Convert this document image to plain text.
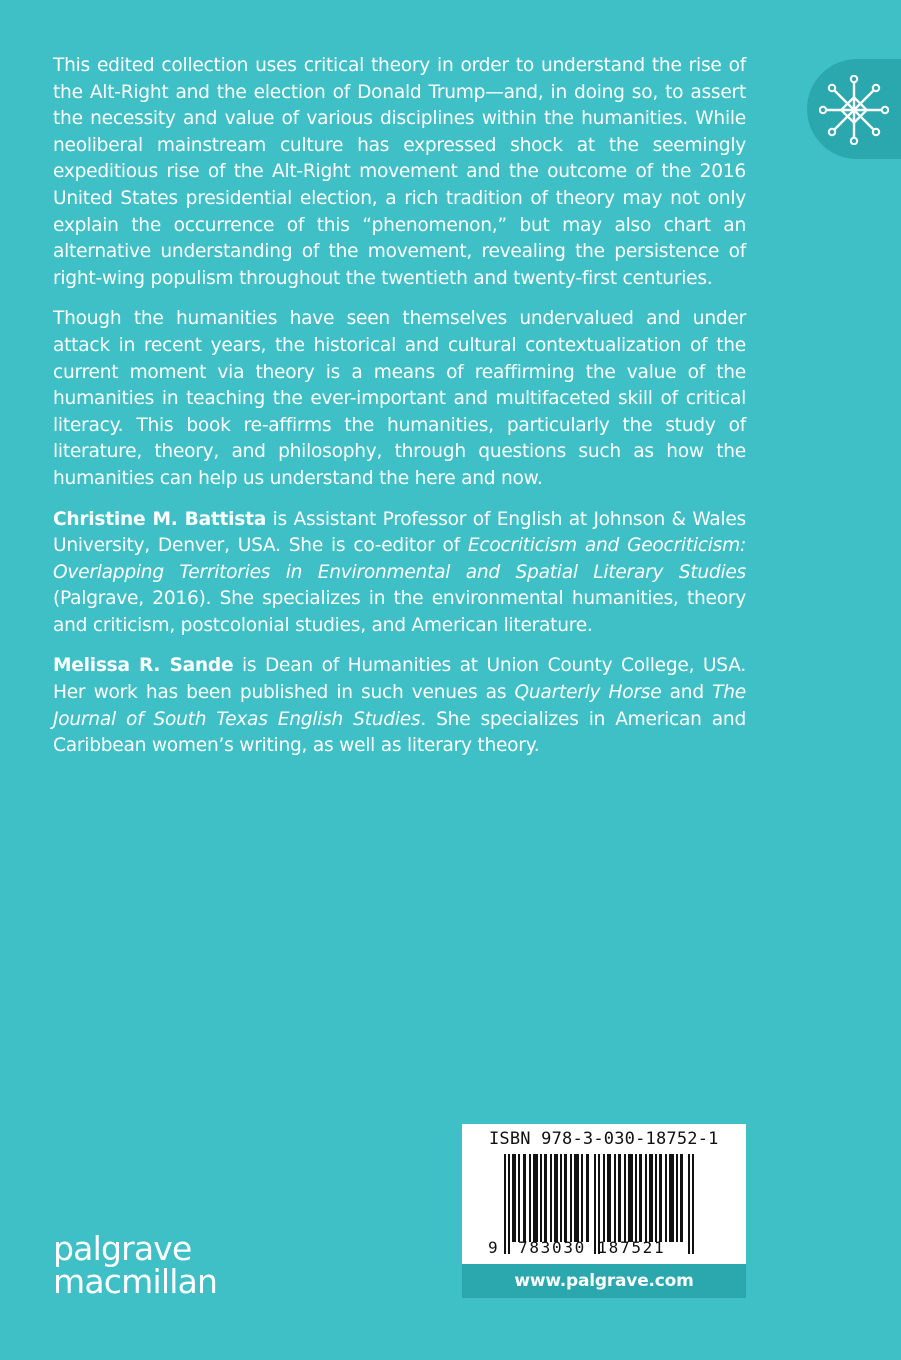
This edited collection uses critical theory in order to understand the rise of the Alt-Right and the election of Donald Trump—and, in doing so, to assert the necessity and value of various disciplines within the humanities. While neoliberal mainstream culture has expressed shock at the seemingly expeditious rise of the Alt-Right movement and the outcome of the 2016 United States presidential election, a rich tradition of theory may not only explain the occurrence of this “phenomenon,” but may also chart an alternative understanding of the movement, revealing the persistence of right-wing populism throughout the twentieth and twenty-first centuries.

Though the humanities have seen themselves undervalued and under attack in recent years, the historical and cultural contextualization of the current moment via theory is a means of reaffirming the value of the humanities in teaching the ever-important and multifaceted skill of critical literacy. This book re-affirms the humanities, particularly the study of literature, theory, and philosophy, through questions such as how the humanities can help us understand the here and now.

Christine M. Battista is Assistant Professor of English at Johnson & Wales University, Denver, USA. She is co-editor of Ecocriticism and Geocriticism: Overlapping Territories in Environmental and Spatial Literary Studies (Palgrave, 2016). She specializes in the environmental humanities, theory and criticism, postcolonial studies, and American literature.

Melissa R. Sande is Dean of Humanities at Union County College, USA. Her work has been published in such venues as Quarterly Horse and The Journal of South Texas English Studies. She specializes in American and Caribbean women’s writing, as well as literary theory.

palgrave
macmillan
ISBN 978-3-030-18752-1
9 783030 187521
www.palgrave.com
